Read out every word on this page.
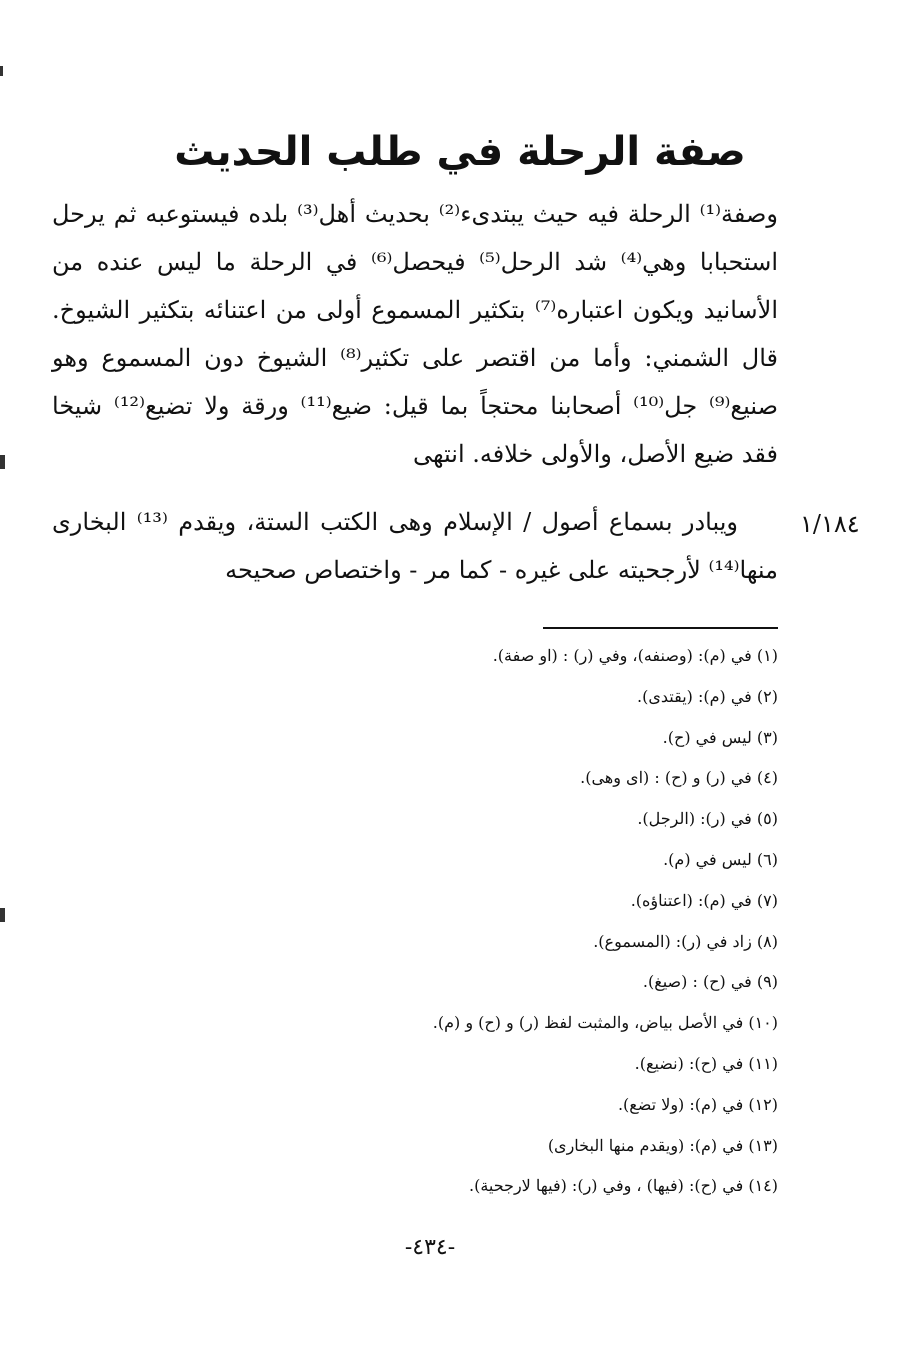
صفة الرحلة في طلب الحديث
وصفة⁽¹⁾ الرحلة فيه حيث يبتدىء⁽²⁾ بحديث أهل⁽³⁾ بلده فيستوعبه ثم يرحل استحبابا وهي⁽⁴⁾ شد الرحل⁽⁵⁾ فيحصل⁽⁶⁾ في الرحلة ما ليس عنده من الأسانيد ويكون اعتباره⁽⁷⁾ بتكثير المسموع أولى من اعتنائه بتكثير الشيوخ. قال الشمني: وأما من اقتصر على تكثير⁽⁸⁾ الشيوخ دون المسموع وهو صنيع⁽⁹⁾ جل⁽¹⁰⁾ أصحابنا محتجاً بما قيل: ضيع⁽¹¹⁾ ورقة ولا تضيع⁽¹²⁾ شيخا فقد ضيع الأصل، والأولى خلافه. انتهى
١/١٨٤
ويبادر بسماع أصول / الإسلام وهى الكتب الستة، ويقدم ⁽¹³⁾ البخارى منها⁽¹⁴⁾ لأرجحيته على غيره - كما مر - واختصاص صحيحه
(١) في (م): (وصنفه)، وفي (ر) : (او صفة).
(٢) في (م): (يقتدى).
(٣) ليس في (ح).
(٤) في (ر) و (ح) : (اى وهى).
(٥) في (ر): (الرجل).
(٦) ليس في (م).
(٧) في (م): (اعتناؤه).
(٨) زاد في (ر): (المسموع).
(٩) في (ح) : (صيغ).
(١٠) في الأصل بياض، والمثبت لفظ (ر) و (ح) و (م).
(١١) في (ح): (نضيع).
(١٢) في (م): (ولا تضع).
(١٣) في (م): (ويقدم منها البخارى)
(١٤) في (ح): (فيها) ، وفي (ر): (فيها لارجحية).
-٤٣٤-
